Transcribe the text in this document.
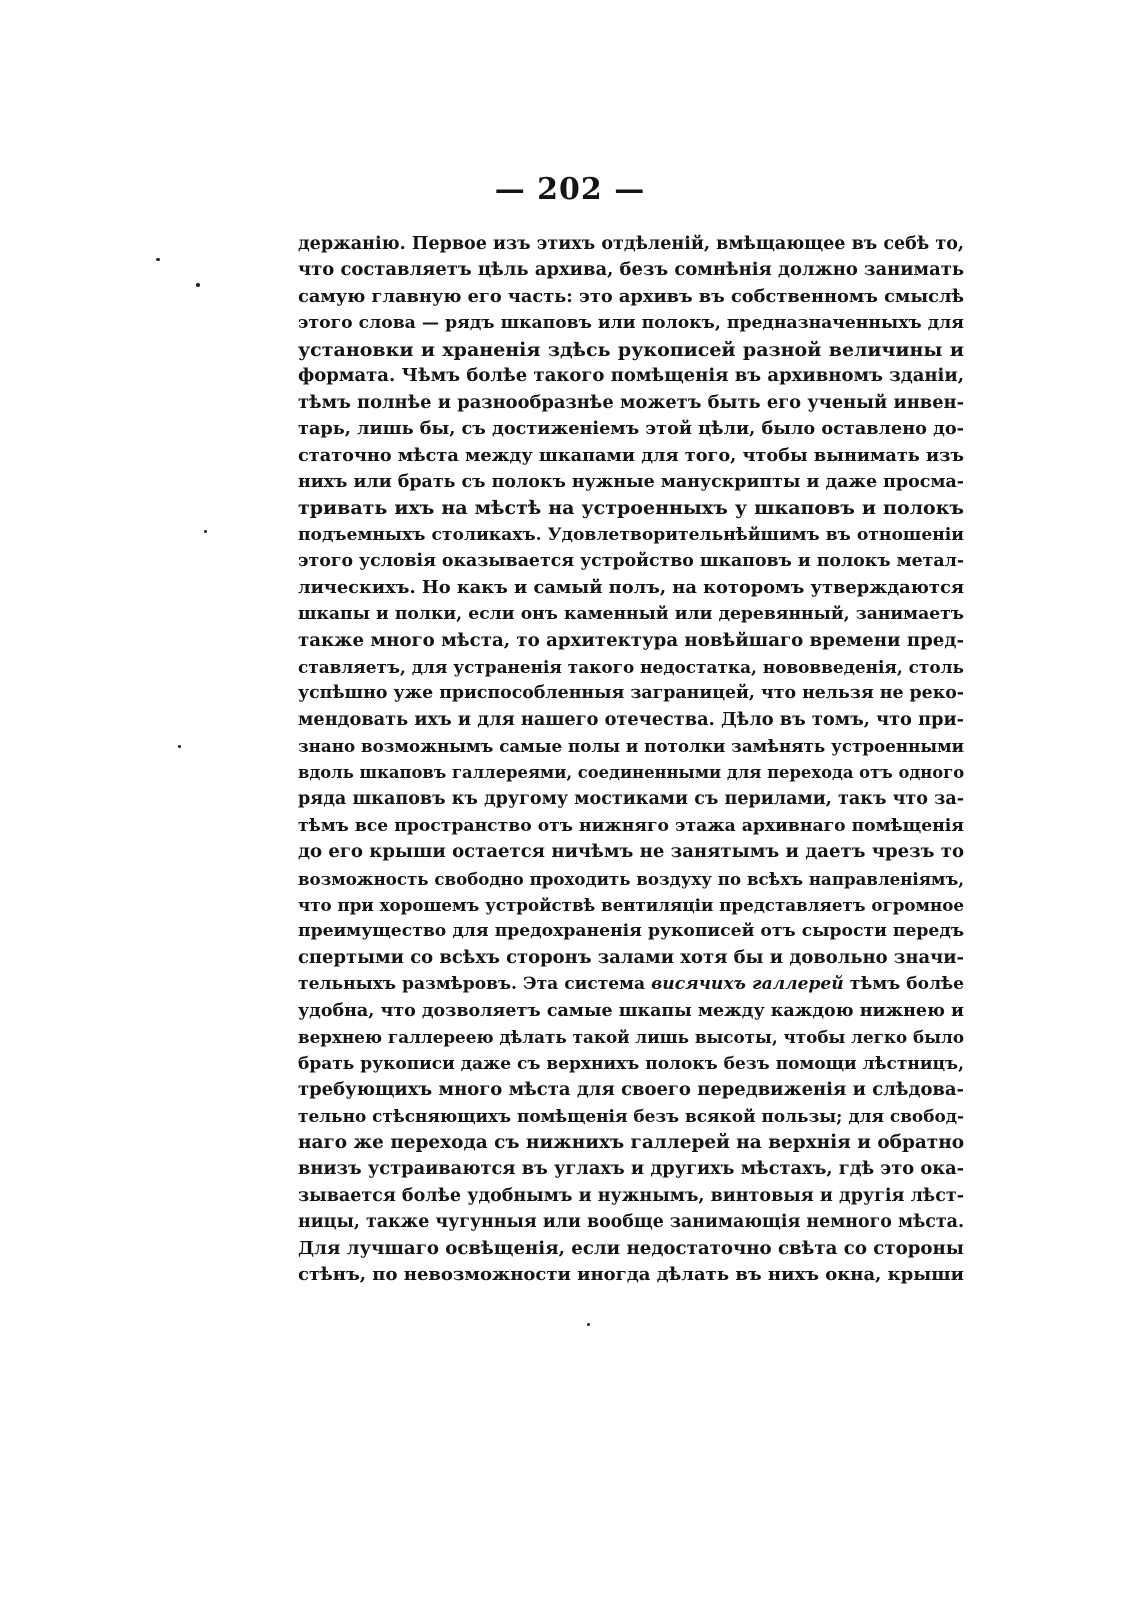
— 202 —
держанію. Первое изъ этихъ отдѣленій, вмѣщающее въ себѣ то,
что составляетъ цѣль архива, безъ сомнѣнія должно занимать
самую главную его часть: это архивъ въ собственномъ смыслѣ
этого слова — рядъ шкаповъ или полокъ, предназначенныхъ для
установки и храненія здѣсь рукописей разной величины и
формата. Чѣмъ болѣе такого помѣщенія въ архивномъ зданіи,
тѣмъ полнѣе и разнообразнѣе можетъ быть его ученый инвен-
тарь, лишь бы, съ достиженіемъ этой цѣли, было оставлено до-
статочно мѣста между шкапами для того, чтобы вынимать изъ
нихъ или брать съ полокъ нужные манускрипты и даже просма-
тривать ихъ на мѣстѣ на устроенныхъ у шкаповъ и полокъ
подъемныхъ столикахъ. Удовлетворительнѣйшимъ въ отношеніи
этого условія оказывается устройство шкаповъ и полокъ метал-
лическихъ. Но какъ и самый полъ, на которомъ утверждаются
шкапы и полки, если онъ каменный или деревянный, занимаетъ
также много мѣста, то архитектура новѣйшаго времени пред-
ставляетъ, для устраненія такого недостатка, нововведенія, столь
успѣшно уже приспособленныя заграницей, что нельзя не реко-
мендовать ихъ и для нашего отечества. Дѣло въ томъ, что при-
знано возможнымъ самые полы и потолки замѣнять устроенными
вдоль шкаповъ галлереями, соединенными для перехода отъ одного
ряда шкаповъ къ другому мостиками съ перилами, такъ что за-
тѣмъ все пространство отъ нижняго этажа архивнаго помѣщенія
до его крыши остается ничѣмъ не занятымъ и даетъ чрезъ то
возможность свободно проходить воздуху по всѣхъ направленіямъ,
что при хорошемъ устройствѣ вентиляціи представляетъ огромное
преимущество для предохраненія рукописей отъ сырости передъ
спертыми со всѣхъ сторонъ залами хотя бы и довольно значи-
тельныхъ размѣровъ. Эта система висячихъ галлерей тѣмъ болѣе
удобна, что дозволяетъ самые шкапы между каждою нижнею и
верхнею галлереею дѣлать такой лишь высоты, чтобы легко было
брать рукописи даже съ верхнихъ полокъ безъ помощи лѣстницъ,
требующихъ много мѣста для своего передвиженія и слѣдова-
тельно стѣсняющихъ помѣщенія безъ всякой пользы; для свобод-
наго же перехода съ нижнихъ галлерей на верхнія и обратно
внизъ устраиваются въ углахъ и другихъ мѣстахъ, гдѣ это ока-
зывается болѣе удобнымъ и нужнымъ, винтовыя и другія лѣст-
ницы, также чугунныя или вообще занимающія немного мѣста.
Для лучшаго освѣщенія, если недостаточно свѣта со стороны
стѣнъ, по невозможности иногда дѣлать въ нихъ окна, крыши
